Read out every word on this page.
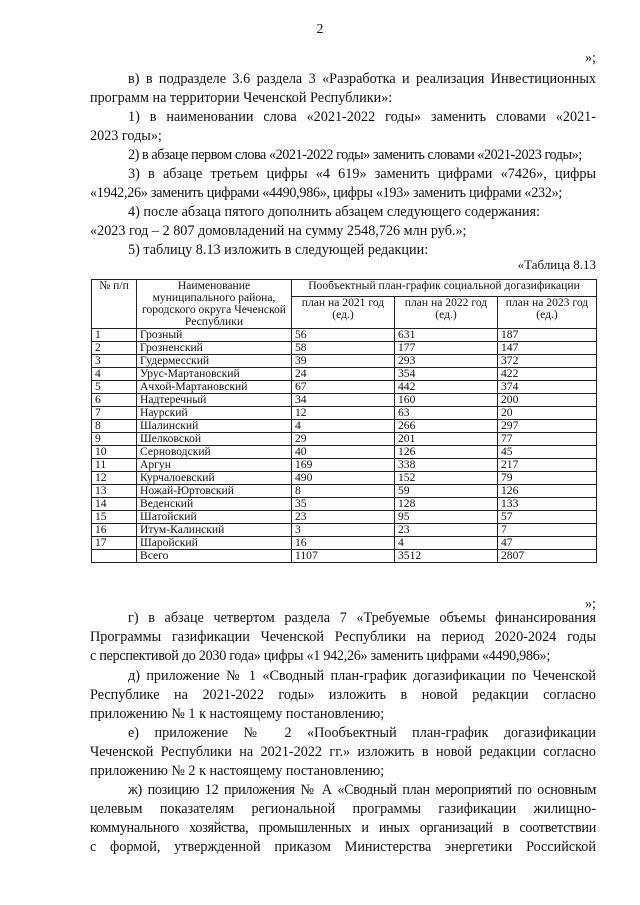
2
»;
в) в подразделе 3.6 раздела 3 «Разработка и реализация Инвестиционных
программ на территории Чеченской Республики»:
1) в наименовании слова «2021-2022 годы» заменить словами «2021-
2023 годы»;
2) в абзаце первом слова «2021-2022 годы» заменить словами «2021-2023 годы»;
3) в абзаце третьем цифры «4 619» заменить цифрами «7426», цифры
«1942,26» заменить цифрами «4490,986», цифры «193» заменить цифрами «232»;
4) после абзаца пятого дополнить абзацем следующего содержания:
«2023 год – 2 807 домовладений на сумму 2548,726 млн руб.»;
5) таблицу 8.13 изложить в следующей редакции:
«Таблица 8.13
№ п/п	Наименование муниципального района, городского округа Чеченской Республики	Пообъектный план-график социальной догазификации		
		план на 2021 год (ед.)	план на 2022 год (ед.)	план на 2023 год (ед.)
1	Грозный	56	631	187
2	Грозненский	58	177	147
3	Гудермесский	39	293	372
4	Урус-Мартановский	24	354	422
5	Ачхой-Мартановский	67	442	374
6	Надтеречный	34	160	200
7	Наурский	12	63	20
8	Шалинский	4	266	297
9	Шелковской	29	201	77
10	Серноводский	40	126	45
11	Аргун	169	338	217
12	Курчалоевский	490	152	79
13	Ножай-Юртовский	8	59	126
14	Веденский	35	128	133
15	Шатойский	23	95	57
16	Итум-Калинский	3	23	7
17	Шаройский	16	4	47
	Всего	1107	3512	2807
»;
г) в абзаце четвертом раздела 7 «Требуемые объемы финансирования
Программы газификации Чеченской Республики на период 2020-2024 годы
с перспективой до 2030 года» цифры «1 942,26» заменить цифрами «4490,986»;
д) приложение № 1 «Сводный план-график догазификации по Чеченской
Республике на 2021-2022 годы» изложить в новой редакции согласно
приложению № 1 к настоящему постановлению;
е) приложение № 2 «Пообъектный план-график догазификации
Чеченской Республики на 2021-2022 гг.» изложить в новой редакции согласно
приложению № 2 к настоящему постановлению;
ж) позицию 12 приложения № А «Сводный план мероприятий по основным
целевым показателям региональной программы газификации жилищно-
коммунального хозяйства, промышленных и иных организаций в соответствии
с формой, утвержденной приказом Министерства энергетики Российской
